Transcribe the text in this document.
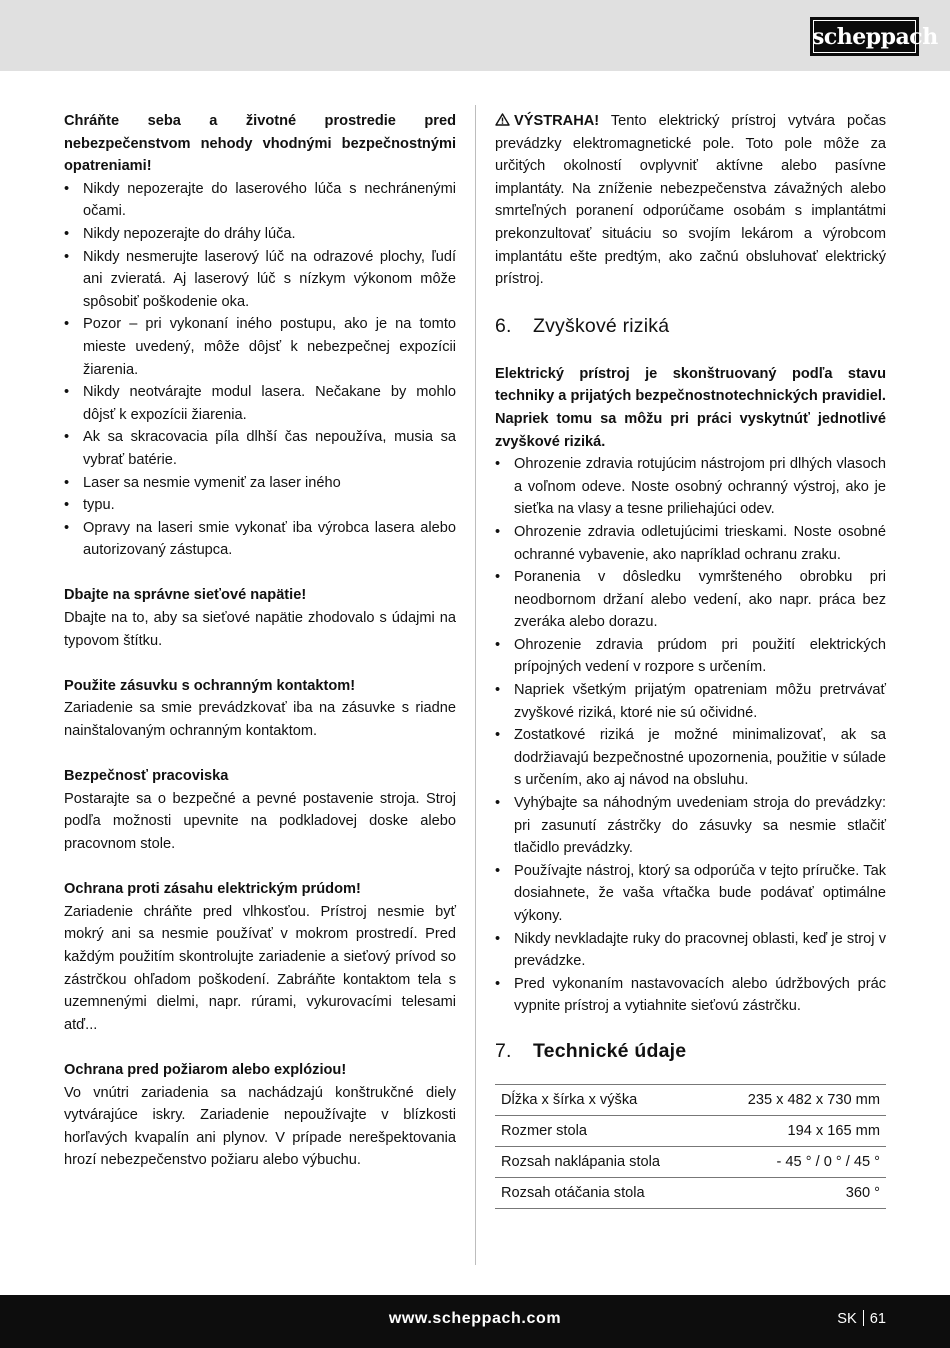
scheppach

Chráňte seba a životné prostredie pred nebezpečenstvom nehody vhodnými bezpečnostnými opatreniami!

• Nikdy nepozerajte do laserového lúča s nechránenými očami.
• Nikdy nepozerajte do dráhy lúča.
• Nikdy nesmerujte laserový lúč na odrazové plochy, ľudí ani zvieratá. Aj laserový lúč s nízkym výkonom môže spôsobiť poškodenie oka.
• Pozor – pri vykonaní iného postupu, ako je na tomto mieste uvedený, môže dôjsť k nebezpečnej expozícii žiarenia.
• Nikdy neotvárajte modul lasera. Nečakane by mohlo dôjsť k expozícii žiarenia.
• Ak sa skracovacia píla dlhší čas nepoužíva, musia sa vybrať batérie.
• Laser sa nesmie vymeniť za laser iného
• typu.
• Opravy na laseri smie vykonať iba výrobca lasera alebo autorizovaný zástupca.

Dbajte na správne sieťové napätie!

Dbajte na to, aby sa sieťové napätie zhodovalo s údajmi na typovom štítku.

Použite zásuvku s ochranným kontaktom!

Zariadenie sa smie prevádzkovať iba na zásuvke s riadne nainštalovaným ochranným kontaktom.

Bezpečnosť pracoviska

Postarajte sa o bezpečné a pevné postavenie stroja. Stroj podľa možnosti upevnite na podkladovej doske alebo pracovnom stole.

Ochrana proti zásahu elektrickým prúdom!

Zariadenie chráňte pred vlhkosťou. Prístroj nesmie byť mokrý ani sa nesmie používať v mokrom prostredí. Pred každým použitím skontrolujte zariadenie a sieťový prívod so zástrčkou ohľadom poškodení. Zabráňte kontaktom tela s uzemnenými dielmi, napr. rúrami, vykurovacími telesami atď...

Ochrana pred požiarom alebo explóziou!

Vo vnútri zariadenia sa nachádzajú konštrukčné diely vytvárajúce iskry. Zariadenie nepoužívajte v blízkosti horľavých kvapalín ani plynov. V prípade nerešpektovania hrozí nebezpečenstvo požiaru alebo výbuchu.

VÝSTRAHA! Tento elektrický prístroj vytvára počas prevádzky elektromagnetické pole. Toto pole môže za určitých okolností ovplyvniť aktívne alebo pasívne implantáty. Na zníženie nebezpečenstva závažných alebo smrteľných poranení odporúčame osobám s implantátmi prekonzultovať situáciu so svojím lekárom a výrobcom implantátu ešte predtým, ako začnú obsluhovať elektrický prístroj.

6. Zvyškové riziká

Elektrický prístroj je skonštruovaný podľa stavu techniky a prijatých bezpečnostnotechnických pravidiel. Napriek tomu sa môžu pri práci vyskytnúť jednotlivé zvyškové riziká.

• Ohrozenie zdravia rotujúcim nástrojom pri dlhých vlasoch a voľnom odeve. Noste osobný ochranný výstroj, ako je sieťka na vlasy a tesne priliehajúci odev.
• Ohrozenie zdravia odletujúcimi trieskami. Noste osobné ochranné vybavenie, ako napríklad ochranu zraku.
• Poranenia v dôsledku vymršteného obrobku pri neodbornom držaní alebo vedení, ako napr. práca bez zveráka alebo dorazu.
• Ohrozenie zdravia prúdom pri použití elektrických prípojných vedení v rozpore s určením.
• Napriek všetkým prijatým opatreniam môžu pretrvávať zvyškové riziká, ktoré nie sú očividné.
• Zostatkové riziká je možné minimalizovať, ak sa dodržiavajú bezpečnostné upozornenia, použitie v súlade s určením, ako aj návod na obsluhu.
• Vyhýbajte sa náhodným uvedeniam stroja do prevádzky: pri zasunutí zástrčky do zásuvky sa nesmie stlačiť tlačidlo prevádzky.
• Používajte nástroj, ktorý sa odporúča v tejto príručke. Tak dosiahnete, že vaša vŕtačka bude podávať optimálne výkony.
• Nikdy nevkladajte ruky do pracovnej oblasti, keď je stroj v prevádzke.
• Pred vykonaním nastavovacích alebo údržbových prác vypnite prístroj a vytiahnite sieťovú zástrčku.
7. Technické údaje
Dĺžka x šírka x výška	235 x 482 x 730 mm
Rozmer stola	194 x 165 mm
Rozsah naklápania stola	- 45 ° / 0 ° / 45 °
Rozsah otáčania stola	360 °
www.scheppach.com	SK 61
